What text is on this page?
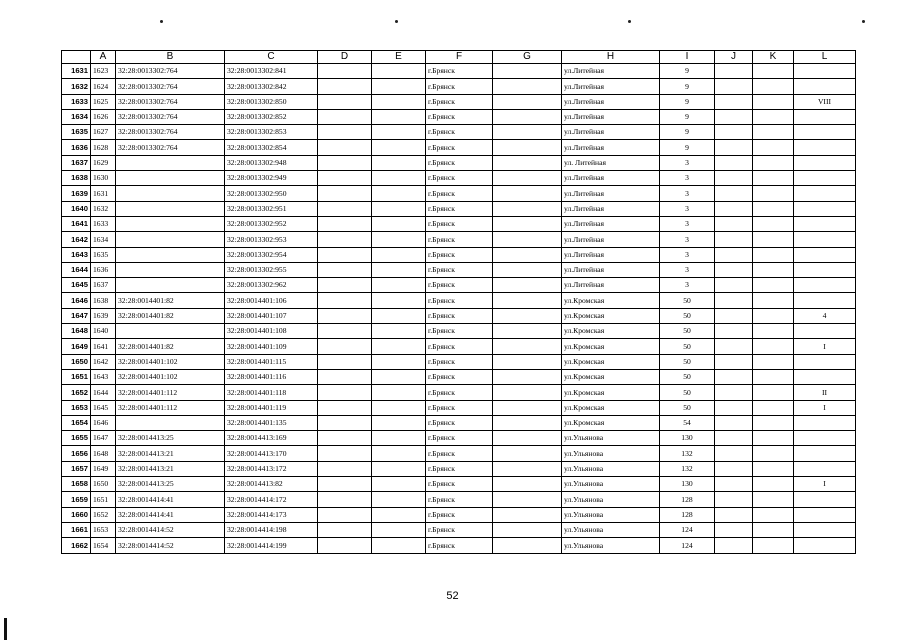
	A	B	C	D	E	F	G	H	I	J	K	L
1631	1623	32:28:0013302:764	32:28:0013302:841			г.Брянск		ул.Литейная	9			
1632	1624	32:28:0013302:764	32:28:0013302:842			г.Брянск		ул.Литейная	9			
1633	1625	32:28:0013302:764	32:28:0013302:850			г.Брянск		ул.Литейная	9			VIII
1634	1626	32:28:0013302:764	32:28:0013302:852			г.Брянск		ул.Литейная	9			
1635	1627	32:28:0013302:764	32:28:0013302:853			г.Брянск		ул.Литейная	9			
1636	1628	32:28:0013302:764	32:28:0013302:854			г.Брянск		ул.Литейная	9			
1637	1629		32:28:0013302:948			г.Брянск		ул. Литейная	3			
1638	1630		32:28:0013302:949			г.Брянск		ул.Литейная	3			
1639	1631		32:28:0013302:950			г.Брянск		ул.Литейная	3			
1640	1632		32:28:0013302:951			г.Брянск		ул.Литейная	3			
1641	1633		32:28:0013302:952			г.Брянск		ул.Литейная	3			
1642	1634		32:28:0013302:953			г.Брянск		ул.Литейная	3			
1643	1635		32:28:0013302:954			г.Брянск		ул.Литейная	3			
1644	1636		32:28:0013302:955			г.Брянск		ул.Литейная	3			
1645	1637		32:28:0013302:962			г.Брянск		ул.Литейная	3			
1646	1638	32:28:0014401:82	32:28:0014401:106			г.Брянск		ул.Кромская	50			
1647	1639	32:28:0014401:82	32:28:0014401:107			г.Брянск		ул.Кромская	50			4
1648	1640		32:28:0014401:108			г.Брянск		ул.Кромская	50			
1649	1641	32:28:0014401:82	32:28:0014401:109			г.Брянск		ул.Кромская	50			I
1650	1642	32:28:0014401:102	32:28:0014401:115			г.Брянск		ул.Кромская	50			
1651	1643	32:28:0014401:102	32:28:0014401:116			г.Брянск		ул.Кромская	50			
1652	1644	32:28:0014401:112	32:28:0014401:118			г.Брянск		ул.Кромская	50			II
1653	1645	32:28:0014401:112	32:28:0014401:119			г.Брянск		ул.Кромская	50			I
1654	1646		32:28:0014401:135			г.Брянск		ул.Кромская	54			
1655	1647	32:28:0014413:25	32:28:0014413:169			г.Брянск		ул.Ульянова	130			
1656	1648	32:28:0014413:21	32:28:0014413:170			г.Брянск		ул.Ульянова	132			
1657	1649	32:28:0014413:21	32:28:0014413:172			г.Брянск		ул.Ульянова	132			
1658	1650	32:28:0014413:25	32:28:0014413:82			г.Брянск		ул.Ульянова	130			I
1659	1651	32:28:0014414:41	32:28:0014414:172			г.Брянск		ул.Ульянова	128			
1660	1652	32:28:0014414:41	32:28:0014414:173			г.Брянск		ул.Ульянова	128			
1661	1653	32:28:0014414:52	32:28:0014414:198			г.Брянск		ул.Ульянова	124			
1662	1654	32:28:0014414:52	32:28:0014414:199			г.Брянск		ул.Ульянова	124			
52
